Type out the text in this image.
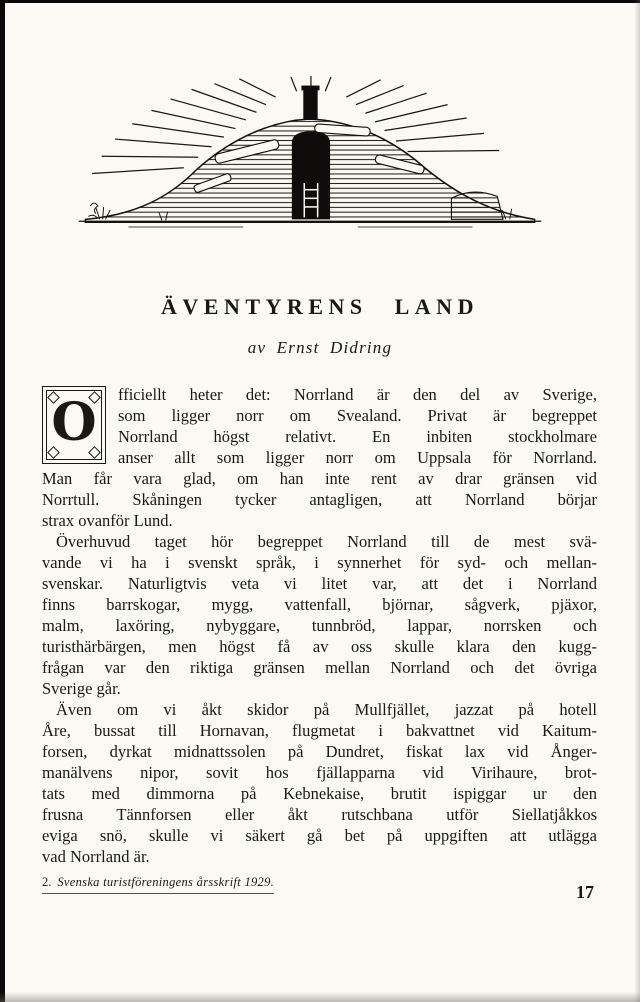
ÄVENTYRENS LAND
av Ernst Didring
O	fficiellt heter det: Norrland är den del av Sverige,
som ligger norr om Svealand. Privat är begreppet
Norrland högst relativt. En inbiten stockholmare
anser allt som ligger norr om Uppsala för Norrland.
Man får vara glad, om han inte rent av drar gränsen vid
Norrtull. Skåningen tycker antagligen, att Norrland börjar
strax ovanför Lund.
Överhuvud taget hör begreppet Norrland till de mest svä-
vande vi ha i svenskt språk, i synnerhet för syd- och mellan-
svenskar. Naturligtvis veta vi litet var, att det i Norrland
finns barrskogar, mygg, vattenfall, björnar, sågverk, pjäxor,
malm, laxöring, nybyggare, tunnbröd, lappar, norrsken och
turisthärbärgen, men högst få av oss skulle klara den kugg-
frågan var den riktiga gränsen mellan Norrland och det övriga
Sverige går.
Även om vi åkt skidor på Mullfjället, jazzat på hotell
Åre, bussat till Hornavan, flugmetat i bakvattnet vid Kaitum-
forsen, dyrkat midnattssolen på Dundret, fiskat lax vid Ånger-
manälvens nipor, sovit hos fjällapparna vid Virihaure, brot-
tats med dimmorna på Kebnekaise, brutit ispiggar ur den
frusna Tännforsen eller åkt rutschbana utför Siellatjåkkos
eviga snö, skulle vi säkert gå bet på uppgiften att utlägga
vad Norrland är.
2. Svenska turistföreningens årsskrift 1929.	17
